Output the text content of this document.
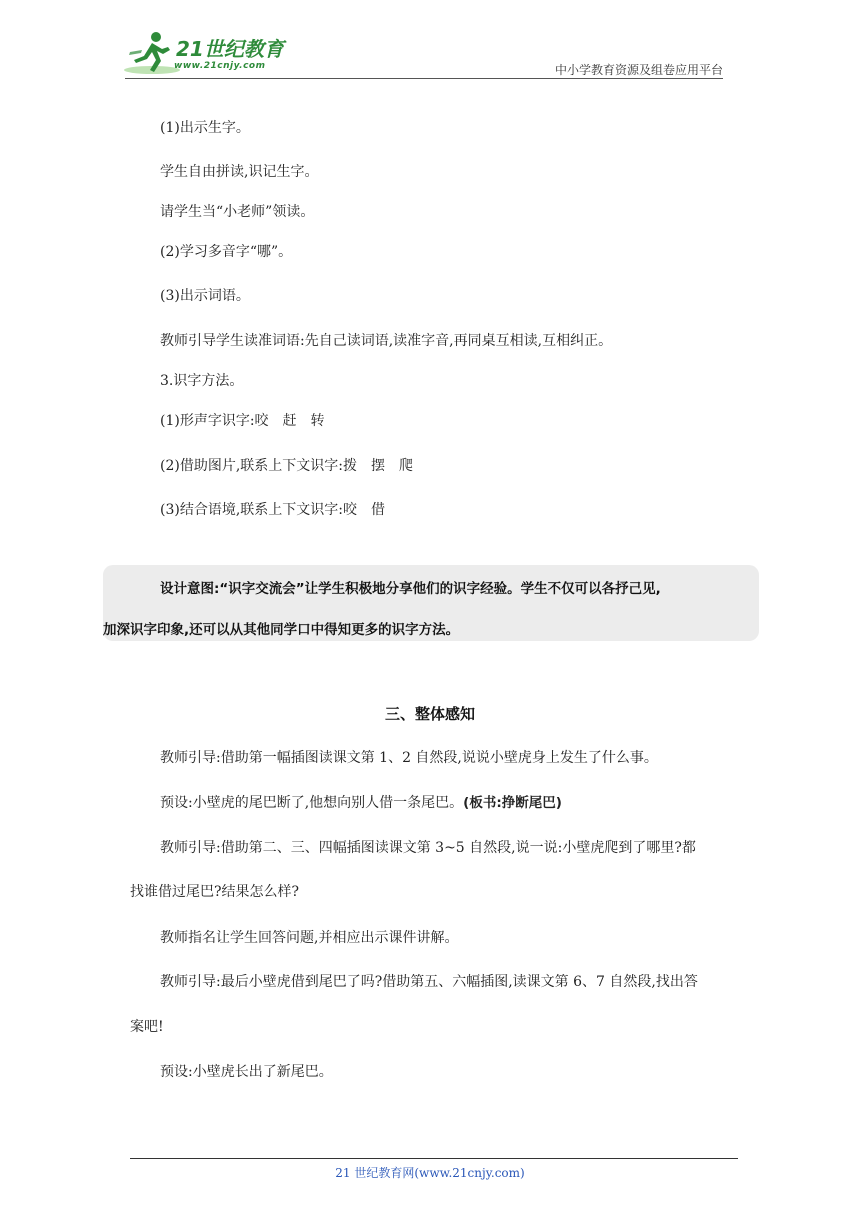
21世纪教育
www.21cnjy.com	中小学教育资源及组卷应用平台
(1)出示生字。
学生自由拼读,识记生字。
请学生当“小老师”领读。
(2)学习多音字“哪”。
(3)出示词语。
教师引导学生读准词语:先自己读词语,读准字音,再同桌互相读,互相纠正。
3.识字方法。
(1)形声字识字:咬　赶　转
(2)借助图片,联系上下文识字:拨　摆　爬
(3)结合语境,联系上下文识字:咬　借
设计意图:“识字交流会”让学生积极地分享他们的识字经验。学生不仅可以各抒己见,
加深识字印象,还可以从其他同学口中得知更多的识字方法。
三、整体感知
教师引导:借助第一幅插图读课文第 1、2 自然段,说说小壁虎身上发生了什么事。
预设:小壁虎的尾巴断了,他想向别人借一条尾巴。(板书:挣断尾巴)
教师引导:借助第二、三、四幅插图读课文第 3~5 自然段,说一说:小壁虎爬到了哪里?都
找谁借过尾巴?结果怎么样?
教师指名让学生回答问题,并相应出示课件讲解。
教师引导:最后小壁虎借到尾巴了吗?借助第五、六幅插图,读课文第 6、7 自然段,找出答
案吧!
预设:小壁虎长出了新尾巴。
21 世纪教育网(www.21cnjy.com)
